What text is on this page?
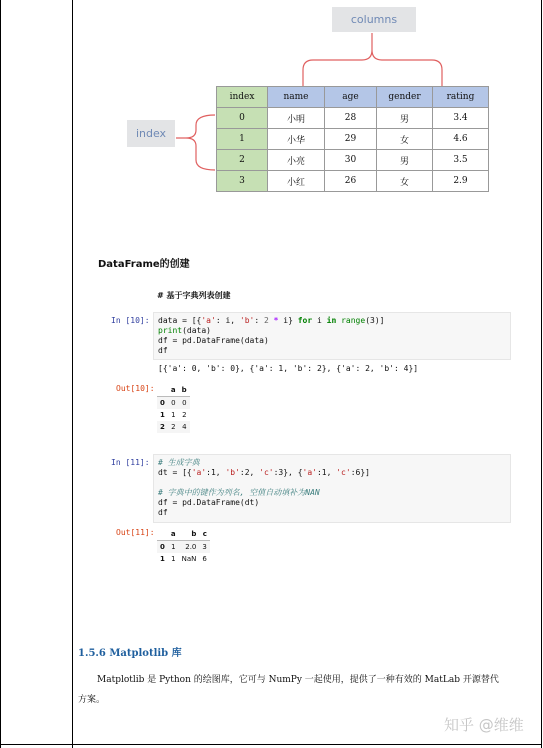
columns
index
index	name	age	gender	rating
0	小明	28	男	3.4
1	小华	29	女	4.6
2	小亮	30	男	3.5
3	小红	26	女	2.9
DataFrame的创建
# 基于字典列表创建
In [10]:	data = [{'a': i, 'b': 2 * i} for i in range(3)]
print(data)
df = pd.DataFrame(data)
df
[{'a': 0, 'b': 0}, {'a': 1, 'b': 2}, {'a': 2, 'b': 4}]
Out[10]:
	a	b
0	0	0
1	1	2
2	2	4
In [11]:	# 生成字典
dt = [{'a':1, 'b':2, 'c':3}, {'a':1, 'c':6}]

# 字典中的键作为列名, 空值自动填补为NAN
df = pd.DataFrame(dt)
df
Out[11]:
	a	b	c
0	1	2.0	3
1	1	NaN	6
1.5.6 Matplotlib 库
Matplotlib 是 Python 的绘图库，它可与 NumPy 一起使用，提供了一种有效的 MatLab 开源替代
方案。
知乎 @维维
